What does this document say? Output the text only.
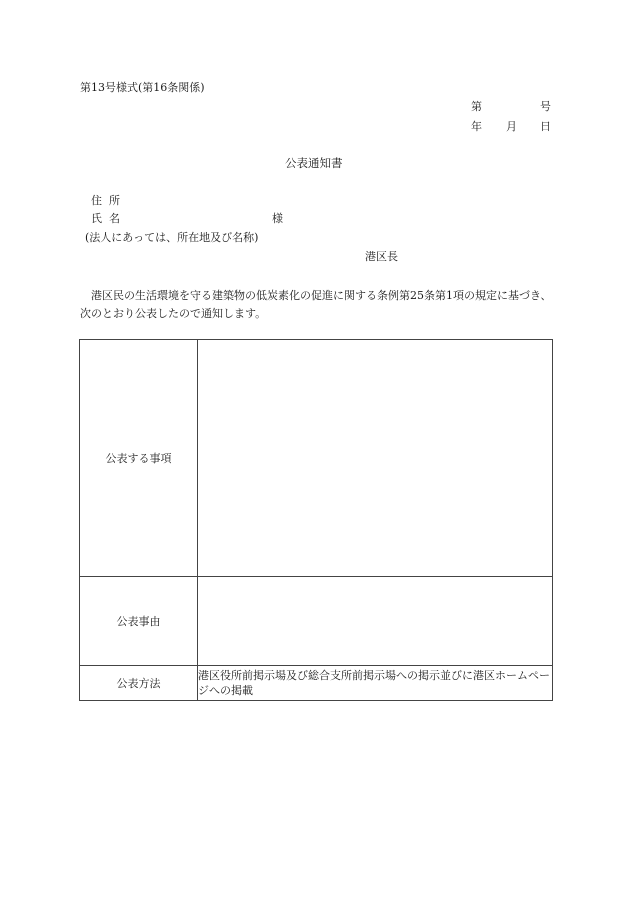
第13号様式(第16条関係)
第	号
年 月 日
公表通知書
住所
氏名	様
(法人にあっては、所在地及び名称)
港区長
港区民の生活環境を守る建築物の低炭素化の促進に関する条例第25条第1項の規定に基づき、次のとおり公表したので通知します。
公表する事項	
公表事由	
公表方法	港区役所前掲示場及び総合支所前掲示場への掲示並びに港区ホームページへの掲載
